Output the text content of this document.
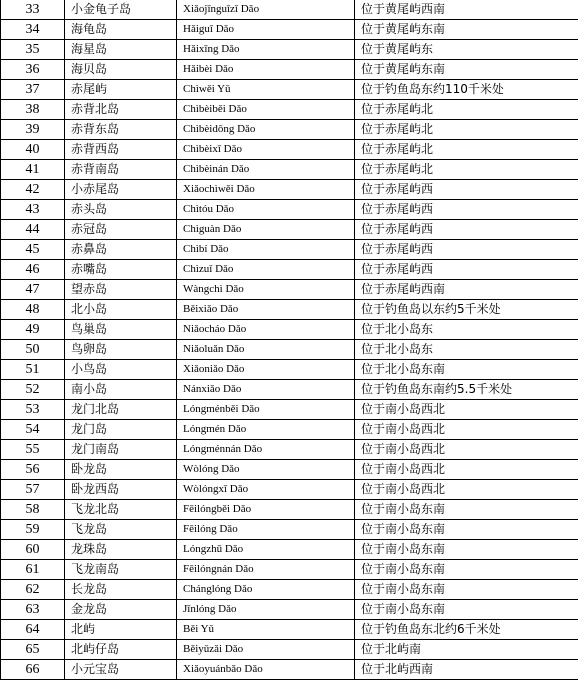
33	小金龟子岛	Xiǎojīnguīzǐ Dǎo	位于黄尾屿西南
34	海龟岛	Hǎiguī Dǎo	位于黄尾屿东南
35	海星岛	Hǎixīng Dǎo	位于黄尾屿东
36	海贝岛	Hǎibèi Dǎo	位于黄尾屿东南
37	赤尾屿	Chìwěi Yǔ	位于钓鱼岛东约110千米处
38	赤背北岛	Chìbèiběi Dǎo	位于赤尾屿北
39	赤背东岛	Chìbèidōng Dǎo	位于赤尾屿北
40	赤背西岛	Chìbèixī Dǎo	位于赤尾屿北
41	赤背南岛	Chìbèinán Dǎo	位于赤尾屿北
42	小赤尾岛	Xiǎochìwěi Dǎo	位于赤尾屿西
43	赤头岛	Chìtóu Dǎo	位于赤尾屿西
44	赤冠岛	Chìguàn Dǎo	位于赤尾屿西
45	赤鼻岛	Chìbí Dǎo	位于赤尾屿西
46	赤嘴岛	Chìzuǐ Dǎo	位于赤尾屿西
47	望赤岛	Wàngchì Dǎo	位于赤尾屿西南
48	北小岛	Běixiǎo Dǎo	位于钓鱼岛以东约5千米处
49	鸟巢岛	Niǎocháo Dǎo	位于北小岛东
50	鸟卵岛	Niǎoluǎn Dǎo	位于北小岛东
51	小鸟岛	Xiǎoniǎo Dǎo	位于北小岛东南
52	南小岛	Nánxiǎo Dǎo	位于钓鱼岛东南约5.5千米处
53	龙门北岛	Lóngménběi Dǎo	位于南小岛西北
54	龙门岛	Lóngmén Dǎo	位于南小岛西北
55	龙门南岛	Lóngménnán Dǎo	位于南小岛西北
56	卧龙岛	Wòlóng Dǎo	位于南小岛西北
57	卧龙西岛	Wòlóngxī Dǎo	位于南小岛西北
58	飞龙北岛	Fēilóngběi Dǎo	位于南小岛东南
59	飞龙岛	Fēilóng Dǎo	位于南小岛东南
60	龙珠岛	Lóngzhū Dǎo	位于南小岛东南
61	飞龙南岛	Fēilóngnán Dǎo	位于南小岛东南
62	长龙岛	Chánglóng Dǎo	位于南小岛东南
63	金龙岛	Jīnlóng Dǎo	位于南小岛东南
64	北屿	Běi Yǔ	位于钓鱼岛东北约6千米处
65	北屿仔岛	Běiyǔzǎi Dǎo	位于北屿南
66	小元宝岛	Xiǎoyuánbǎo Dǎo	位于北屿西南
